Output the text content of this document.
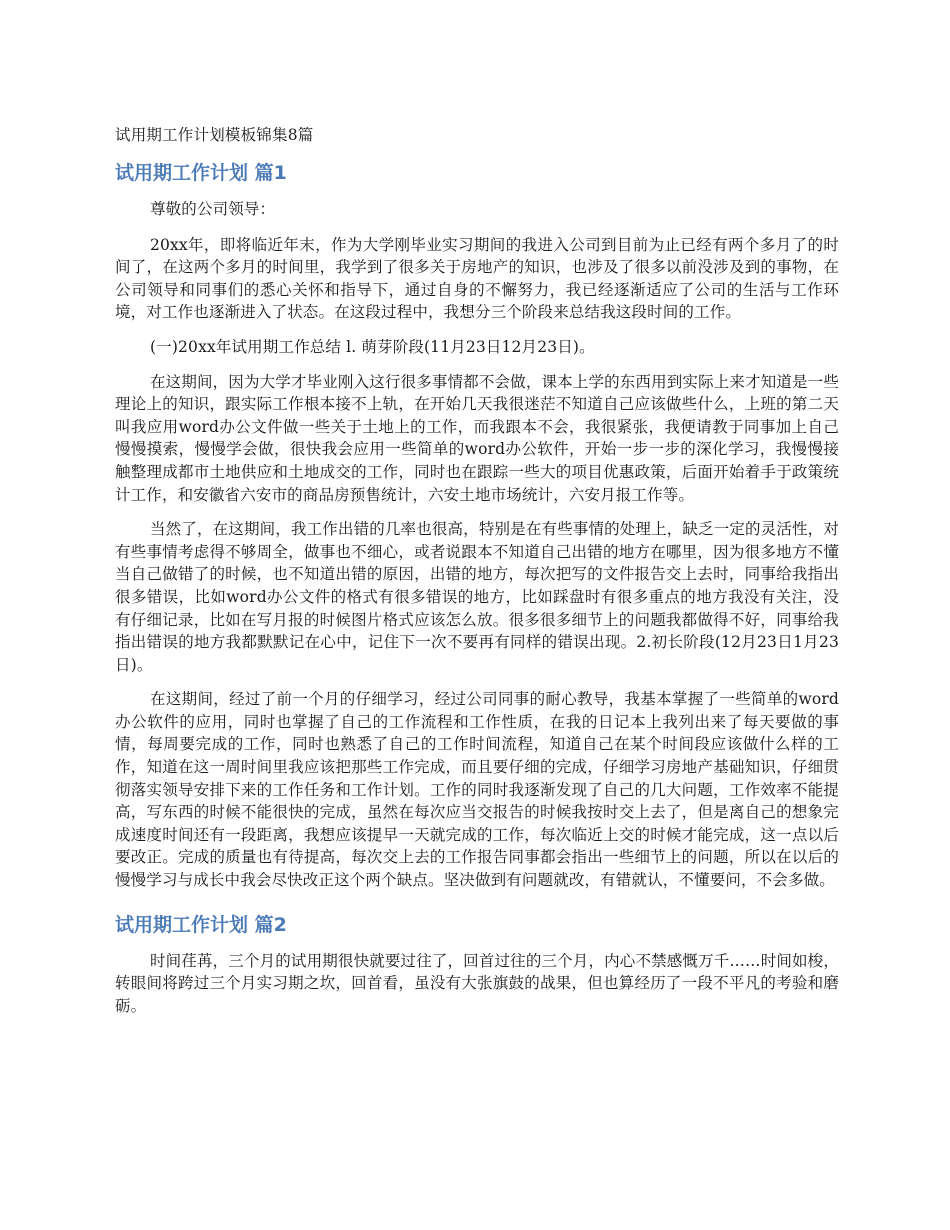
试用期工作计划模板锦集8篇
试用期工作计划 篇1

尊敬的公司领导：

20xx年，即将临近年末，作为大学刚毕业实习期间的我进入公司到目前为止已经有两个多月了的时间了，在这两个多月的时间里，我学到了很多关于房地产的知识，也涉及了很多以前没涉及到的事物，在公司领导和同事们的悉心关怀和指导下，通过自身的不懈努力，我已经逐渐适应了公司的生活与工作环境，对工作也逐渐进入了状态。在这段过程中，我想分三个阶段来总结我这段时间的工作。

(一)20xx年试用期工作总结 l. 萌芽阶段(11月23日12月23日)。

在这期间，因为大学才毕业刚入这行很多事情都不会做，课本上学的东西用到实际上来才知道是一些理论上的知识，跟实际工作根本接不上轨，在开始几天我很迷茫不知道自己应该做些什么，上班的第二天叫我应用word办公文件做一些关于土地上的工作，而我跟本不会，我很紧张，我便请教于同事加上自己慢慢摸索，慢慢学会做，很快我会应用一些简单的word办公软件，开始一步一步的深化学习，我慢慢接触整理成都市土地供应和土地成交的工作，同时也在跟踪一些大的项目优惠政策，后面开始着手于政策统计工作，和安徽省六安市的商品房预售统计，六安土地市场统计，六安月报工作等。

当然了，在这期间，我工作出错的几率也很高，特别是在有些事情的处理上，缺乏一定的灵活性，对有些事情考虑得不够周全，做事也不细心，或者说跟本不知道自己出错的地方在哪里，因为很多地方不懂当自己做错了的时候，也不知道出错的原因，出错的地方，每次把写的文件报告交上去时，同事给我指出很多错误，比如word办公文件的格式有很多错误的地方，比如踩盘时有很多重点的地方我没有关注，没有仔细记录，比如在写月报的时候图片格式应该怎么放。很多很多细节上的问题我都做得不好，同事给我指出错误的地方我都默默记在心中，记住下一次不要再有同样的错误出现。2.初长阶段(12月23日1月23日)。

在这期间，经过了前一个月的仔细学习，经过公司同事的耐心教导，我基本掌握了一些简单的word办公软件的应用，同时也掌握了自己的工作流程和工作性质，在我的日记本上我列出来了每天要做的事情，每周要完成的工作，同时也熟悉了自己的工作时间流程，知道自己在某个时间段应该做什么样的工作，知道在这一周时间里我应该把那些工作完成，而且要仔细的完成，仔细学习房地产基础知识，仔细贯彻落实领导安排下来的工作任务和工作计划。工作的同时我逐渐发现了自己的几大问题，工作效率不能提高，写东西的时候不能很快的完成，虽然在每次应当交报告的时候我按时交上去了，但是离自己的想象完成速度时间还有一段距离，我想应该提早一天就完成的工作，每次临近上交的时候才能完成，这一点以后要改正。完成的质量也有待提高，每次交上去的工作报告同事都会指出一些细节上的问题，所以在以后的慢慢学习与成长中我会尽快改正这个两个缺点。坚决做到有问题就改，有错就认，不懂要问，不会多做。

试用期工作计划 篇2

时间荏苒，三个月的试用期很快就要过往了，回首过往的三个月，内心不禁感慨万千……时间如梭，转眼间将跨过三个月实习期之坎，回首看，虽没有大张旗鼓的战果，但也算经历了一段不平凡的考验和磨砺。
